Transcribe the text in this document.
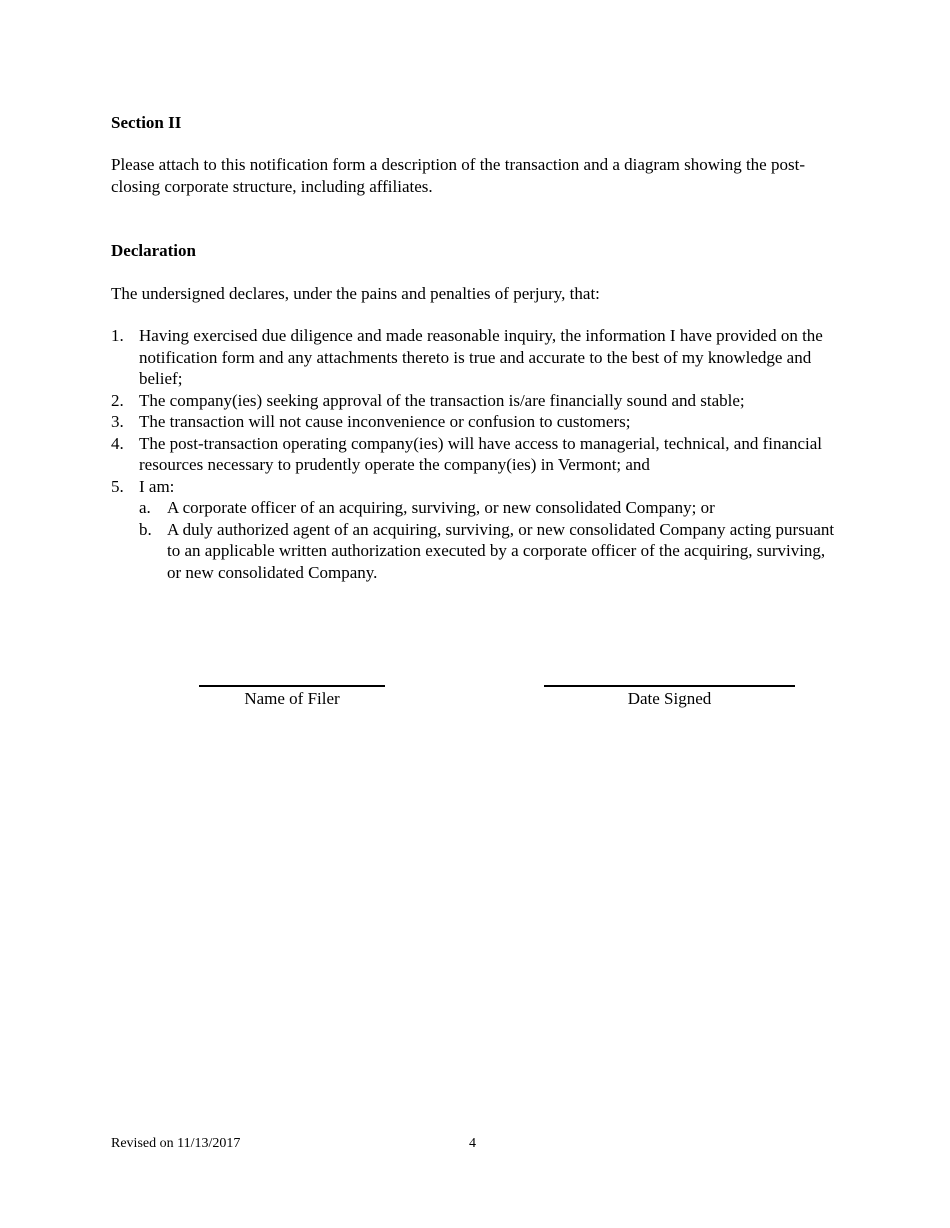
Section II

Please attach to this notification form a description of the transaction and a diagram showing the post-closing corporate structure, including affiliates.

Declaration

The undersigned declares, under the pains and penalties of perjury, that:

1. Having exercised due diligence and made reasonable inquiry, the information I have provided on the notification form and any attachments thereto is true and accurate to the best of my knowledge and belief;
2. The company(ies) seeking approval of the transaction is/are financially sound and stable;
3. The transaction will not cause inconvenience or confusion to customers;
4. The post-transaction operating company(ies) will have access to managerial, technical, and financial resources necessary to prudently operate the company(ies) in Vermont; and
5. I am:
a. A corporate officer of an acquiring, surviving, or new consolidated Company; or
b. A duly authorized agent of an acquiring, surviving, or new consolidated Company acting pursuant to an applicable written authorization executed by a corporate officer of the acquiring, surviving, or new consolidated Company.
Name of Filer	Date Signed
Revised on 11/13/2017	4
